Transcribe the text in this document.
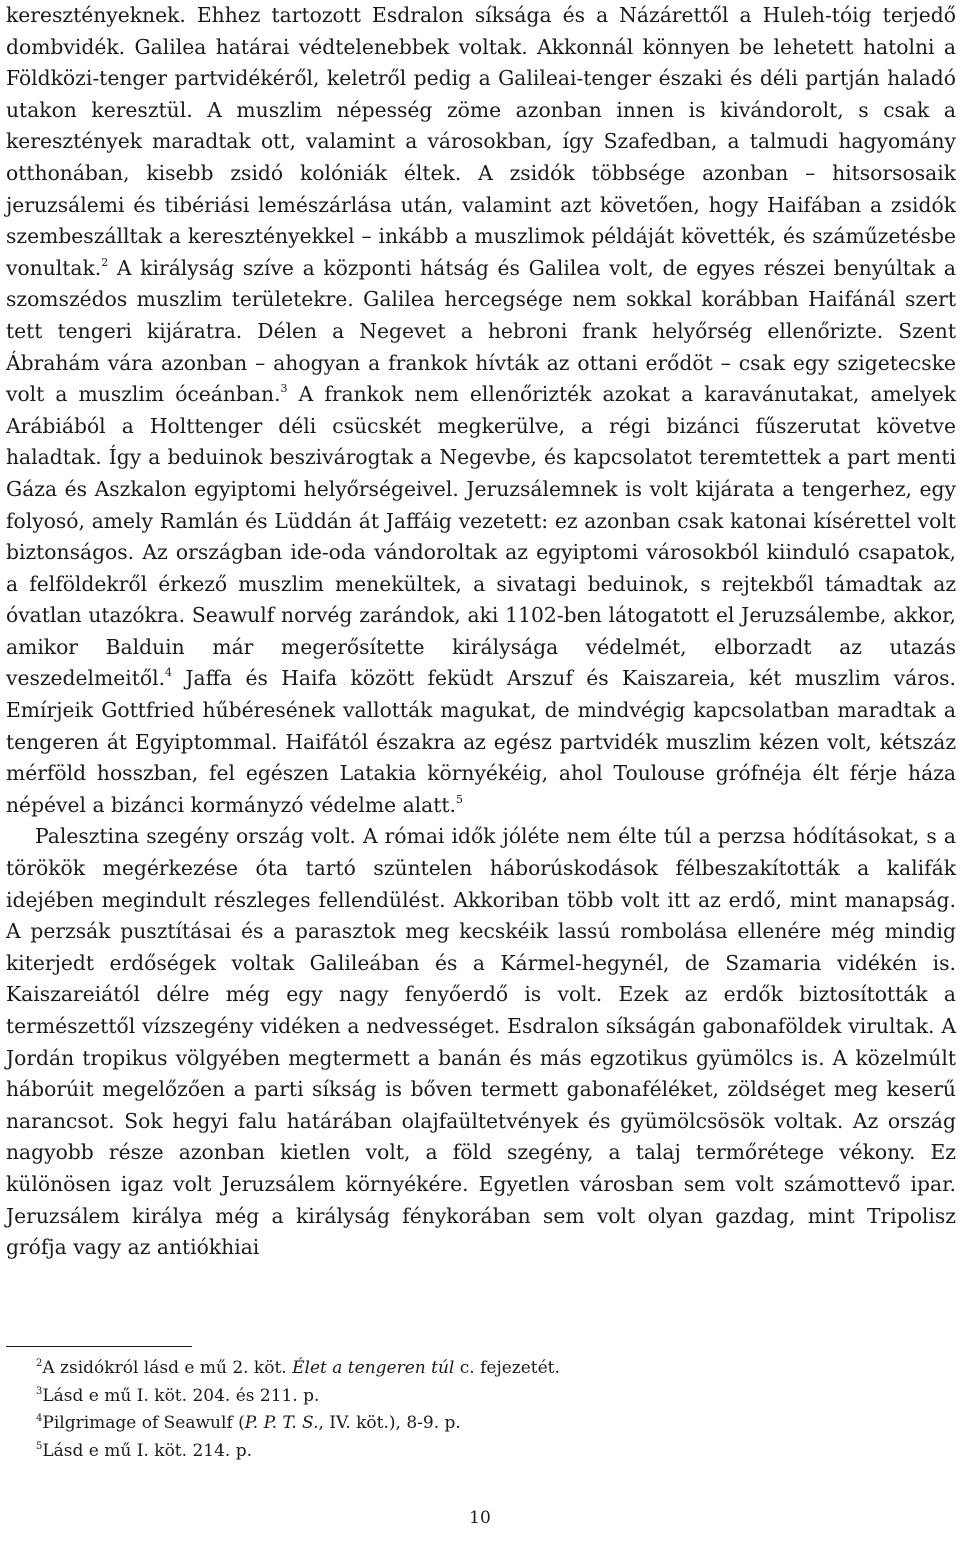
keresztényeknek. Ehhez tartozott Esdralon síksága és a Názárettől a Huleh-tóig terjedő dombvidék. Galilea határai védtelenebbek voltak. Akkonnál könnyen be lehetett hatolni a Földközi-tenger partvidékéről, keletről pedig a Galileai-tenger északi és déli partján haladó utakon keresztül. A muszlim népesség zöme azonban innen is kivándorolt, s csak a keresztények maradtak ott, valamint a városokban, így Szafedban, a talmudi hagyomány otthonában, kisebb zsidó kolóniák éltek. A zsidók többsége azonban – hitsorsosaik jeruzsálemi és tibériási lemészárlása után, valamint azt követően, hogy Haifában a zsidók szembeszálltak a keresztényekkel – inkább a muszlimok példáját követték, és száműzetésbe vonultak.$^2$ A királyság szíve a központi hátság és Galilea volt, de egyes részei benyúltak a szomszédos muszlim területekre. Galilea hercegsége nem sokkal korábban Haifánál szert tett tengeri kijáratra. Délen a Negevet a hebroni frank helyőrség ellenőrizte. Szent Ábrahám vára azonban – ahogyan a frankok hívták az ottani erődöt – csak egy szigetecske volt a muszlim óceánban.$^3$ A frankok nem ellenőrizték azokat a karavánutakat, amelyek Arábiából a Holttenger déli csücskét megkerülve, a régi bizánci fűszerutat követve haladtak. Így a beduinok beszivárogtak a Negevbe, és kapcsolatot teremtettek a part menti Gáza és Aszkalon egyiptomi helyőrségeivel. Jeruzsálemnek is volt kijárata a tengerhez, egy folyosó, amely Ramlán és Lüddán át Jaffáig vezetett: ez azonban csak katonai kísérettel volt biztonságos. Az országban ide-oda vándoroltak az egyiptomi városokból kiinduló csapatok, a felföldekről érkező muszlim menekültek, a sivatagi beduinok, s rejtekből támadtak az óvatlan utazókra. Seawulf norvég zarándok, aki 1102-ben látogatott el Jeruzsálembe, akkor, amikor Balduin már megerősítette királysága védelmét, elborzadt az utazás veszedelmeitől.$^4$ Jaffa és Haifa között feküdt Arszuf és Kaiszareia, két muszlim város. Emírjeik Gottfried hűbéresének vallották magukat, de mindvégig kapcsolatban maradtak a tengeren át Egyiptommal. Haifától északra az egész partvidék muszlim kézen volt, kétszáz mérföld hosszban, fel egészen Latakia környékéig, ahol Toulouse grófnéja élt férje háza népével a bizánci kormányzó védelme alatt.$^5$

Palesztina szegény ország volt. A római idők jóléte nem élte túl a perzsa hódításokat, s a törökök megérkezése óta tartó szüntelen háborúskodások félbeszakították a kalifák idejében megindult részleges fellendülést. Akkoriban több volt itt az erdő, mint manapság. A perzsák pusztításai és a parasztok meg kecskéik lassú rombolása ellenére még mindig kiterjedt erdőségek voltak Galileában és a Kármel-hegynél, de Szamaria vidékén is. Kaiszareiától délre még egy nagy fenyőerdő is volt. Ezek az erdők biztosították a természettől vízszegény vidéken a nedvességet. Esdralon síkságán gabonaföldek virultak. A Jordán tropikus völgyében megtermett a banán és más egzotikus gyümölcs is. A közelmúlt háborúit megelőzően a parti síkság is bőven termett gabonaféléket, zöldséget meg keserű narancsot. Sok hegyi falu határában olajfaültetvények és gyümölcsösök voltak. Az ország nagyobb része azonban kietlen volt, a föld szegény, a talaj termőrétege vékony. Ez különösen igaz volt Jeruzsálem környékére. Egyetlen városban sem volt számottevő ipar. Jeruzsálem királya még a királyság fénykorában sem volt olyan gazdag, mint Tripolisz grófja vagy az antiókhiai

$^2$A zsidókról lásd e mű 2. köt. Élet a tengeren túl c. fejezetét.

$^3$Lásd e mű I. köt. 204. és 211. p.

$^4$Pilgrimage of Seawulf (P. P. T. S., IV. köt.), 8-9. p.

$^5$Lásd e mű I. köt. 214. p.

10
